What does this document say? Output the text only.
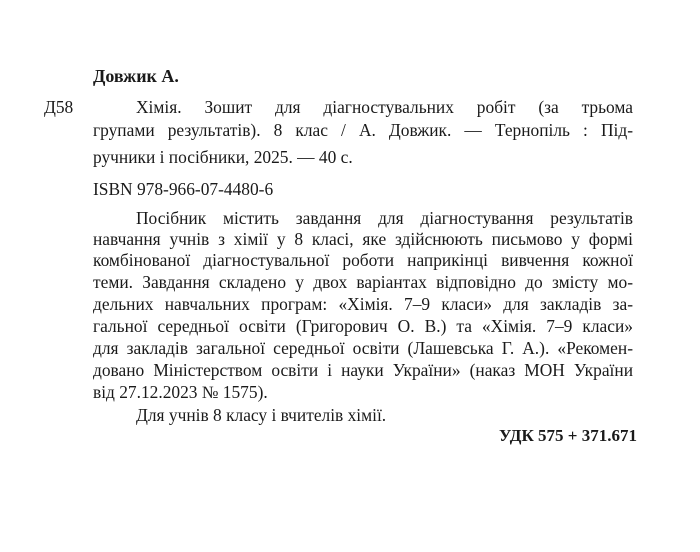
Довжик А.
Д58	Хімія. Зошит для діагностувальних робіт (за трьома
групами результатів). 8 клас / А. Довжик. — Тернопіль : Під-
ручники і посібники, 2025. — 40 с.
ISBN 978-966-07-4480-6
Посібник містить завдання для діагностування результатів
навчання учнів з хімії у 8 класі, яке здійснюють письмово у формі
комбінованої діагностувальної роботи наприкінці вивчення кожної
теми. Завдання складено у двох варіантах відповідно до змісту мо-
дельних навчальних програм: «Хімія. 7–9 класи» для закладів за-
гальної середньої освіти (Григорович О. В.) та «Хімія. 7–9 класи»
для закладів загальної середньої освіти (Лашевська Г. А.). «Рекомен-
довано Міністерством освіти і науки України» (наказ МОН України
від 27.12.2023 № 1575).
Для учнів 8 класу і вчителів хімії.
УДК 575 + 371.671
